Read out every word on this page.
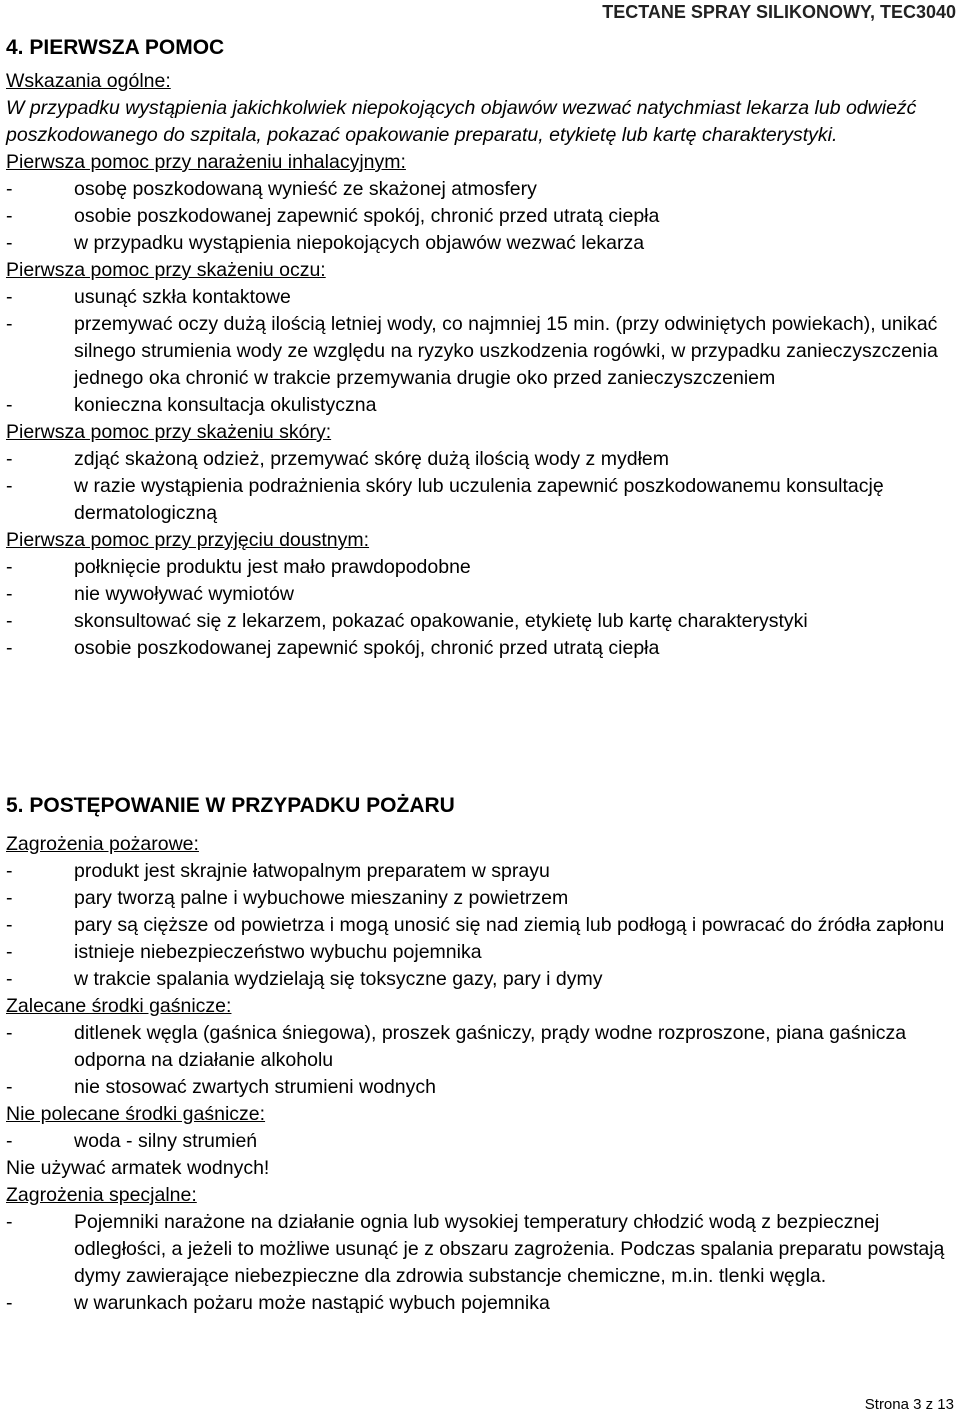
TECTANE SPRAY SILIKONOWY, TEC3040
4. PIERWSZA POMOC
Wskazania ogólne:
W przypadku wystąpienia jakichkolwiek niepokojących objawów wezwać natychmiast lekarza lub odwieźć poszkodowanego do szpitala, pokazać opakowanie preparatu, etykietę lub kartę charakterystyki.
Pierwsza pomoc przy narażeniu inhalacyjnym:
-	osobę poszkodowaną wynieść ze skażonej atmosfery
-	osobie poszkodowanej zapewnić spokój, chronić przed utratą ciepła
-	w przypadku wystąpienia niepokojących objawów wezwać lekarza
Pierwsza pomoc przy skażeniu oczu:
-	usunąć szkła kontaktowe
-	przemywać oczy dużą ilością letniej wody, co najmniej 15 min. (przy odwiniętych powiekach), unikać silnego strumienia wody ze względu na ryzyko uszkodzenia rogówki, w przypadku zanieczyszczenia jednego oka chronić w trakcie przemywania drugie oko przed zanieczyszczeniem
-	konieczna konsultacja okulistyczna
Pierwsza pomoc przy skażeniu skóry:
-	zdjąć skażoną odzież, przemywać skórę dużą ilością wody z mydłem
-	w razie wystąpienia podrażnienia skóry lub uczulenia zapewnić poszkodowanemu konsultację dermatologiczną
Pierwsza pomoc przy przyjęciu doustnym:
-	połknięcie produktu jest mało prawdopodobne
-	nie wywoływać wymiotów
-	skonsultować się z lekarzem, pokazać opakowanie, etykietę lub kartę charakterystyki
-	osobie poszkodowanej zapewnić spokój, chronić przed utratą ciepła
5. POSTĘPOWANIE W PRZYPADKU POŻARU
Zagrożenia pożarowe:
-	produkt jest skrajnie łatwopalnym preparatem w sprayu
-	pary tworzą palne i wybuchowe mieszaniny z powietrzem
-	pary są cięższe od powietrza i mogą unosić się nad ziemią lub podłogą i powracać do źródła zapłonu
-	istnieje niebezpieczeństwo wybuchu pojemnika
-	w trakcie spalania wydzielają się toksyczne gazy, pary i dymy
Zalecane środki gaśnicze:
-	ditlenek węgla (gaśnica śniegowa), proszek gaśniczy, prądy wodne rozproszone, piana gaśnicza odporna na działanie alkoholu
-	nie stosować zwartych strumieni wodnych
Nie polecane środki gaśnicze:
-	woda - silny strumień
Nie używać armatek wodnych!
Zagrożenia specjalne:
-	Pojemniki narażone na działanie ognia lub wysokiej temperatury chłodzić wodą z bezpiecznej odległości, a jeżeli to możliwe usunąć je z obszaru zagrożenia. Podczas spalania preparatu powstają dymy zawierające niebezpieczne dla zdrowia substancje chemiczne, m.in. tlenki węgla.
-	w warunkach pożaru może nastąpić wybuch pojemnika
Strona 3 z 13
